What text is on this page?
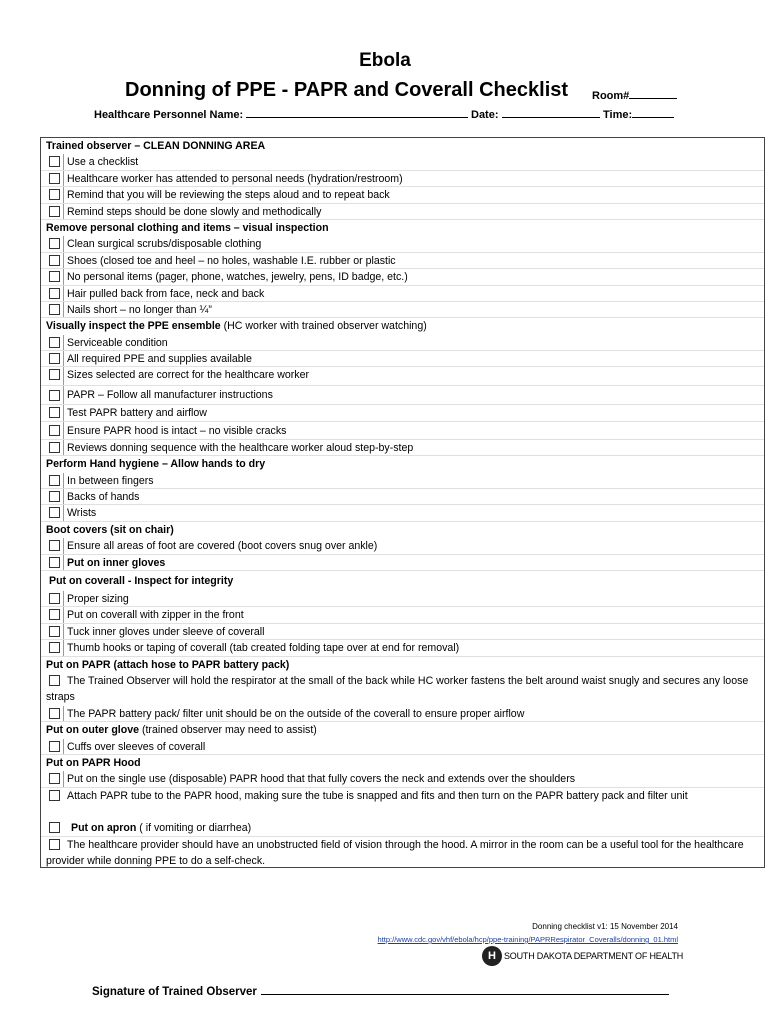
Ebola
Donning of PPE - PAPR and Coverall Checklist Room#
Healthcare Personnel Name:	Date:	Time:
Trained observer – CLEAN DONNING AREA
Use a checklist
Healthcare worker has attended to personal needs (hydration/restroom)
Remind that you will be reviewing the steps aloud and to repeat back
Remind steps should be done slowly and methodically
Remove personal clothing and items – visual inspection
Clean surgical scrubs/disposable clothing
Shoes (closed toe and heel – no holes, washable I.E. rubber or plastic
No personal items (pager, phone, watches, jewelry, pens, ID badge, etc.)
Hair pulled back from face, neck and back
Nails short – no longer than ¼”
Visually inspect the PPE ensemble (HC worker with trained observer watching)
Serviceable condition
All required PPE and supplies available
Sizes selected are correct for the healthcare worker
PAPR – Follow all manufacturer instructions
Test PAPR battery and airflow
Ensure PAPR hood is intact – no visible cracks
Reviews donning sequence with the healthcare worker aloud step-by-step
Perform Hand hygiene – Allow hands to dry
In between fingers
Backs of hands
Wrists
Boot covers (sit on chair)
Ensure all areas of foot are covered (boot covers snug over ankle)
Put on inner gloves
Put on coverall - Inspect for integrity
Proper sizing
Put on coverall with zipper in the front
Tuck inner gloves under sleeve of coverall
Thumb hooks or taping of coverall (tab created folding tape over at end for removal)
Put on PAPR (attach hose to PAPR battery pack)
The Trained Observer will hold the respirator at the small of the back while HC worker fastens the belt around waist snugly and secures any loose straps
The PAPR battery pack/ filter unit should be on the outside of the coverall to ensure proper airflow
Put on outer glove (trained observer may need to assist)
Cuffs over sleeves of coverall
Put on PAPR Hood
Put on the single use (disposable) PAPR hood that that fully covers the neck and extends over the shoulders
Attach PAPR tube to the PAPR hood, making sure the tube is snapped and fits and then turn on the PAPR battery pack and filter unit
Put on apron ( if vomiting or diarrhea)
The healthcare provider should have an unobstructed field of vision through the hood. A mirror in the room can be a useful tool for the healthcare provider while donning PPE to do a self-check.
Donning checklist v1: 15 November 2014
http://www.cdc.gov/vhf/ebola/hcp/ppe-training/PAPRRespirator_Coveralls/donning_01.html
H SOUTH DAKOTA DEPARTMENT OF HEALTH
Signature of Trained Observer
